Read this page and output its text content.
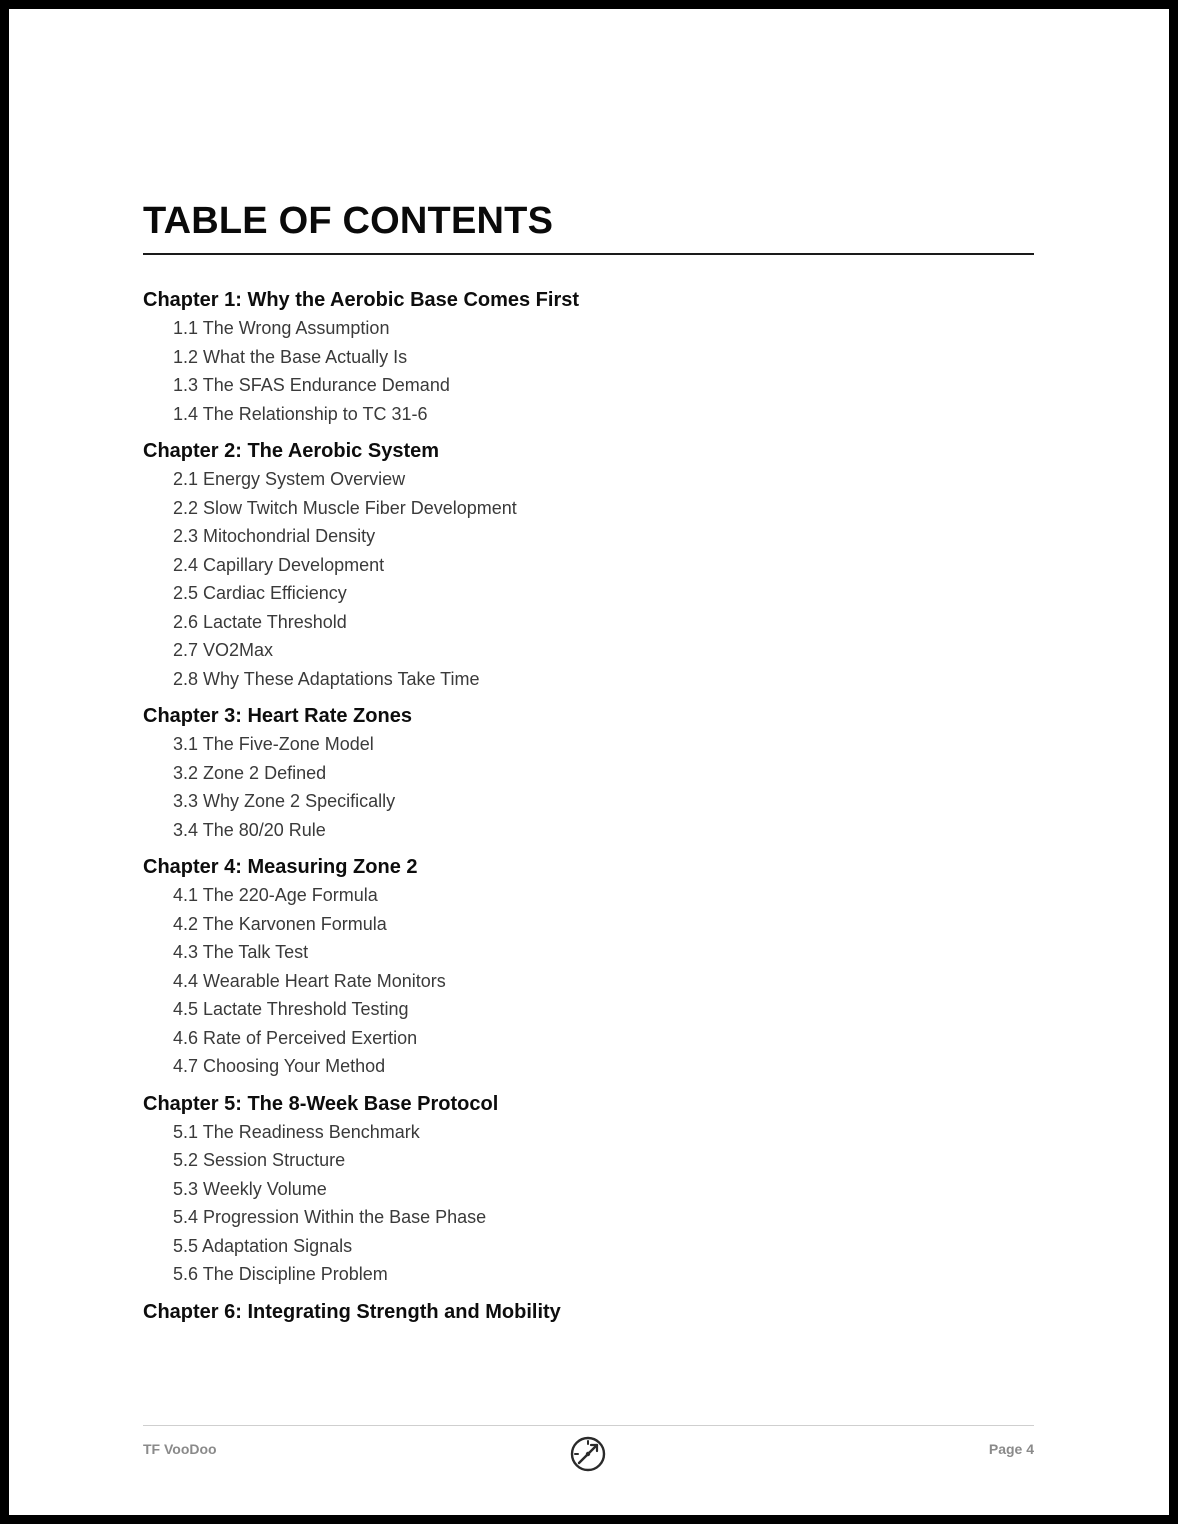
TABLE OF CONTENTS
Chapter 1: Why the Aerobic Base Comes First
1.1 The Wrong Assumption
1.2 What the Base Actually Is
1.3 The SFAS Endurance Demand
1.4 The Relationship to TC 31-6
Chapter 2: The Aerobic System
2.1 Energy System Overview
2.2 Slow Twitch Muscle Fiber Development
2.3 Mitochondrial Density
2.4 Capillary Development
2.5 Cardiac Efficiency
2.6 Lactate Threshold
2.7 VO2Max
2.8 Why These Adaptations Take Time
Chapter 3: Heart Rate Zones
3.1 The Five-Zone Model
3.2 Zone 2 Defined
3.3 Why Zone 2 Specifically
3.4 The 80/20 Rule
Chapter 4: Measuring Zone 2
4.1 The 220-Age Formula
4.2 The Karvonen Formula
4.3 The Talk Test
4.4 Wearable Heart Rate Monitors
4.5 Lactate Threshold Testing
4.6 Rate of Perceived Exertion
4.7 Choosing Your Method
Chapter 5: The 8-Week Base Protocol
5.1 The Readiness Benchmark
5.2 Session Structure
5.3 Weekly Volume
5.4 Progression Within the Base Phase
5.5 Adaptation Signals
5.6 The Discipline Problem
Chapter 6: Integrating Strength and Mobility
TF VooDoo	Page 4
